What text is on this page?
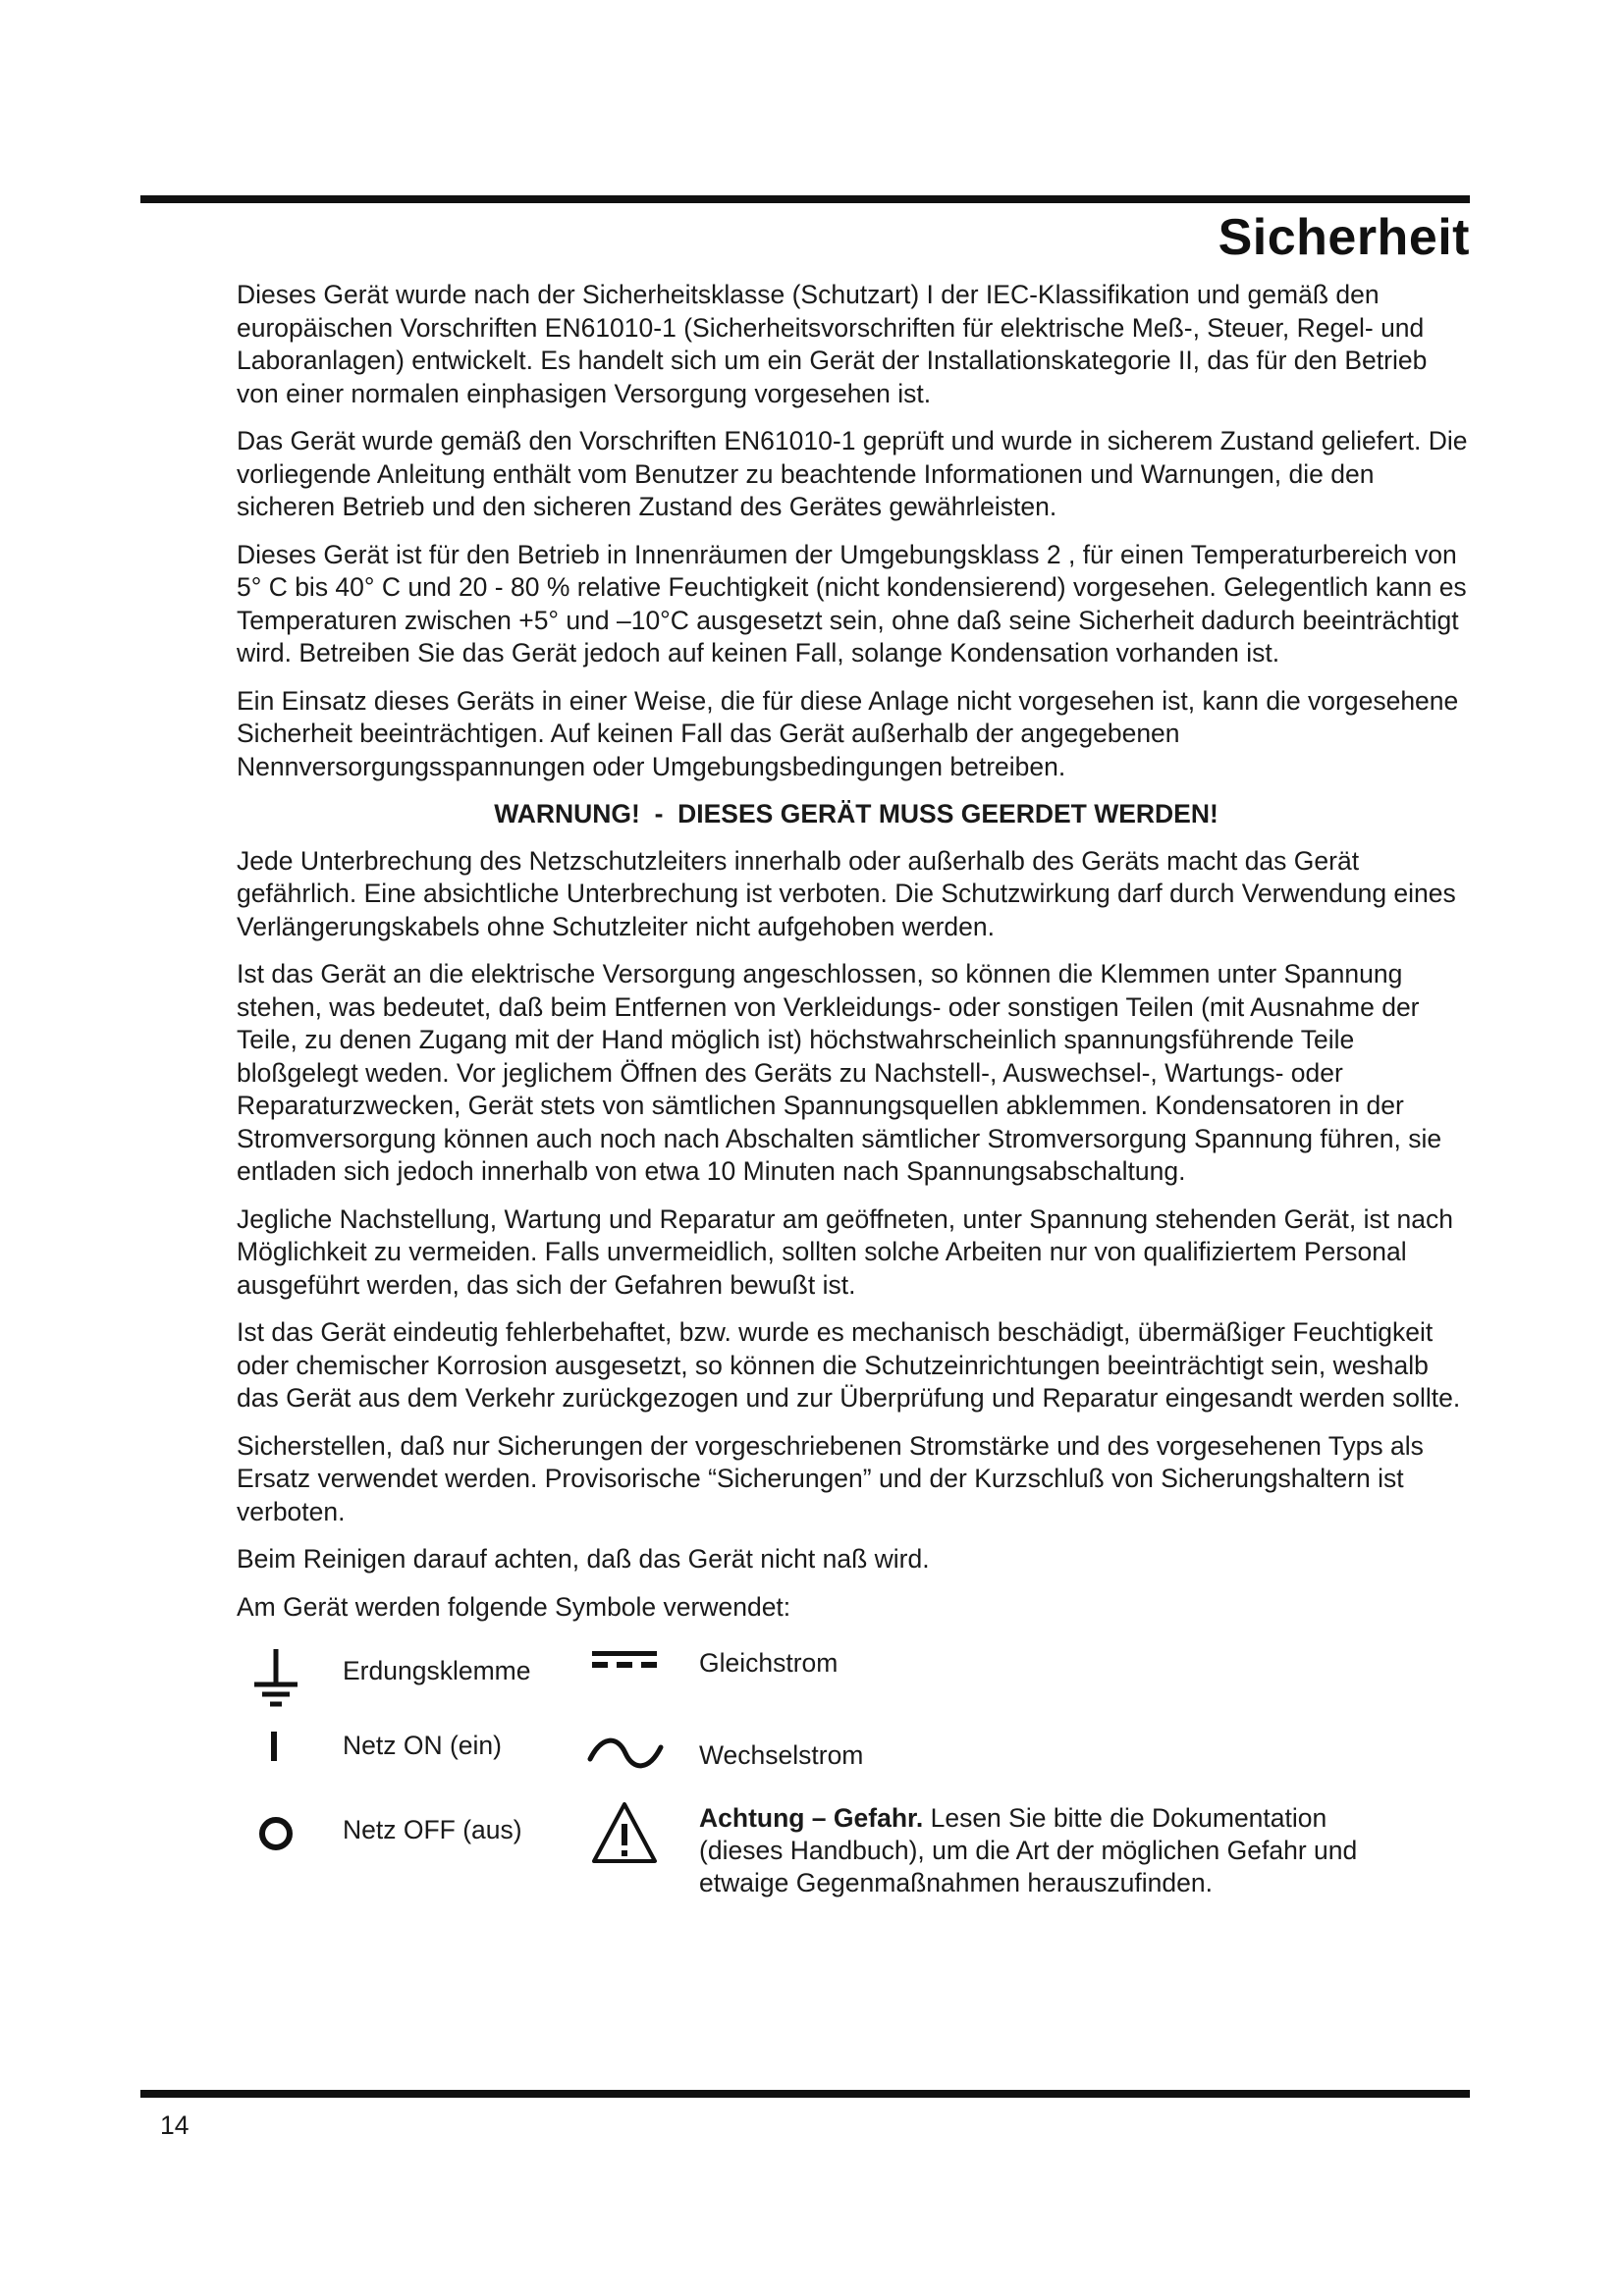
Sicherheit

Dieses Gerät wurde nach der Sicherheitsklasse (Schutzart) I der IEC-Klassifikation und gemäß den europäischen Vorschriften EN61010-1 (Sicherheitsvorschriften für elektrische Meß-, Steuer, Regel- und Laboranlagen) entwickelt. Es handelt sich um ein Gerät der Installationskategorie II, das für den Betrieb von einer normalen einphasigen Versorgung vorgesehen ist.

Das Gerät wurde gemäß den Vorschriften EN61010-1 geprüft und wurde in sicherem Zustand geliefert. Die vorliegende Anleitung enthält vom Benutzer zu beachtende Informationen und Warnungen, die den sicheren Betrieb und den sicheren Zustand des Gerätes gewährleisten.

Dieses Gerät ist für den Betrieb in Innenräumen der Umgebungsklass 2 , für einen Temperaturbereich von 5° C bis 40° C und 20 - 80 % relative Feuchtigkeit (nicht kondensierend) vorgesehen. Gelegentlich kann es Temperaturen zwischen +5° und –10°C ausgesetzt sein, ohne daß seine Sicherheit dadurch beeinträchtigt wird. Betreiben Sie das Gerät jedoch auf keinen Fall, solange Kondensation vorhanden ist.

Ein Einsatz dieses Geräts in einer Weise, die für diese Anlage nicht vorgesehen ist, kann die vorgesehene Sicherheit beeinträchtigen. Auf keinen Fall das Gerät außerhalb der angegebenen Nennversorgungsspannungen oder Umgebungsbedingungen betreiben.

WARNUNG!  -  DIESES GERÄT MUSS GEERDET WERDEN!

Jede Unterbrechung des Netzschutzleiters innerhalb oder außerhalb des Geräts macht das Gerät gefährlich. Eine absichtliche Unterbrechung ist verboten. Die Schutzwirkung darf durch Verwendung eines Verlängerungskabels ohne Schutzleiter nicht aufgehoben werden.

Ist das Gerät an die elektrische Versorgung angeschlossen, so können die Klemmen unter Spannung stehen, was bedeutet, daß beim Entfernen von Verkleidungs- oder sonstigen Teilen (mit Ausnahme der Teile, zu denen Zugang mit der Hand möglich ist) höchstwahrscheinlich spannungsführende Teile bloßgelegt weden. Vor jeglichem Öffnen des Geräts zu Nachstell-, Auswechsel-, Wartungs- oder Reparaturzwecken, Gerät stets von sämtlichen Spannungsquellen abklemmen. Kondensatoren in der Stromversorgung können auch noch nach Abschalten sämtlicher Stromversorgung Spannung führen, sie entladen sich jedoch innerhalb von etwa 10 Minuten nach Spannungsabschaltung.

Jegliche Nachstellung, Wartung und Reparatur am geöffneten, unter Spannung stehenden Gerät, ist nach Möglichkeit zu vermeiden. Falls unvermeidlich, sollten solche Arbeiten nur von qualifiziertem Personal ausgeführt werden, das sich der Gefahren bewußt ist.

Ist das Gerät eindeutig fehlerbehaftet, bzw. wurde es mechanisch beschädigt, übermäßiger Feuchtigkeit oder chemischer Korrosion ausgesetzt, so können die Schutzeinrichtungen beeinträchtigt sein, weshalb das Gerät aus dem Verkehr zurückgezogen und zur Überprüfung und Reparatur eingesandt werden sollte.

Sicherstellen, daß nur Sicherungen der vorgeschriebenen Stromstärke und des vorgesehenen Typs als Ersatz verwendet werden. Provisorische “Sicherungen” und der Kurzschluß von Sicherungshaltern ist verboten.

Beim Reinigen darauf achten, daß das Gerät nicht naß wird.

Am Gerät werden folgende Symbole verwendet:

Erdungsklemme	Gleichstrom
Netz ON (ein)	Wechselstrom
Netz OFF (aus)	Achtung – Gefahr. Lesen Sie bitte die Dokumentation (dieses Handbuch), um die Art der möglichen Gefahr und etwaige Gegenmaßnahmen herauszufinden.
14
